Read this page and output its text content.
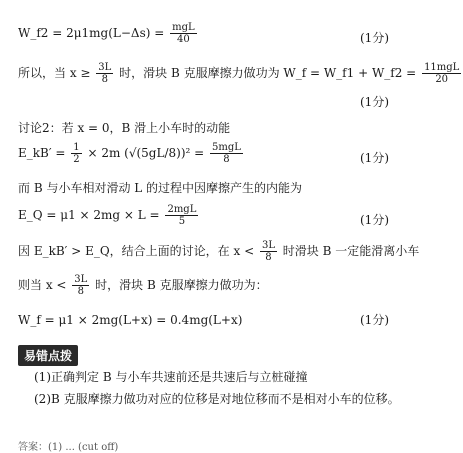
W_f2 = $2\mu 1mg(L-\Delta s) = \frac{\text{mgL}}{40}$	(1分)
所以，当 $x \ge \frac{3L}{8}$ 时，滑块 B 克服摩擦力做功为 W_f = W_f1 + W_f2 = $\frac{\text{11mgL}}{20}$
(1分)
讨论2：若 x = 0，B 滑上小车时的动能
E_kB′ = $\frac{1}{2} \times 2m$ $(√(5gL/8))^2 = \frac{\text{5mgL}}{8}$	(1分)
而 B 与小车相对滑动 L 的过程中因摩擦产生的内能为
E_Q = $\mu 1 \times 2mg \times L = \frac{\text{2mgL}}{5}$	(1分)
因 E_kB′ > E_Q，结合上面的讨论，在 $x < \frac{3L}{8}$ 时滑块 B 一定能滑离小车
则当 $x < \frac{3L}{8}$ 时，滑块 B 克服摩擦力做功为：
W_f = μ1 × 2mg(L+x) = 0.4mg(L+x)	(1分)
易错点拨
(1)正确判定 B 与小车共速前还是共速后与立桩碰撞
(2)B 克服摩擦力做功对应的位移是对地位移而不是相对小车的位移。
答案：(1) ... (cut off)
